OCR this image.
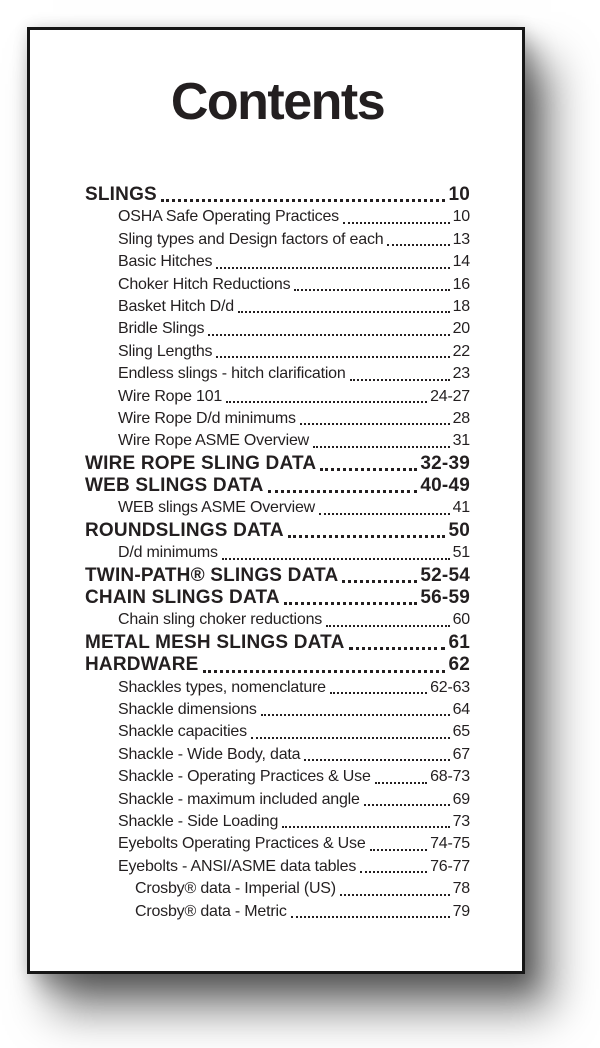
Contents
SLINGS	10
OSHA Safe Operating Practices	10
Sling types and Design factors of each	13
Basic Hitches	14
Choker Hitch Reductions	16
Basket Hitch D/d	18
Bridle Slings	20
Sling Lengths	22
Endless slings - hitch clarification	23
Wire Rope 101	24-27
Wire Rope D/d minimums	28
Wire Rope ASME Overview	31
WIRE ROPE SLING DATA	32-39
WEB SLINGS DATA	40-49
WEB slings ASME Overview	41
ROUNDSLINGS DATA	50
D/d minimums	51
TWIN-PATH® SLINGS DATA	52-54
CHAIN SLINGS DATA	56-59
Chain sling choker reductions	60
METAL MESH SLINGS DATA	61
HARDWARE	62
Shackles types, nomenclature	62-63
Shackle dimensions	64
Shackle capacities	65
Shackle - Wide Body, data	67
Shackle - Operating Practices & Use	68-73
Shackle - maximum included angle	69
Shackle - Side Loading	73
Eyebolts Operating Practices & Use	74-75
Eyebolts - ANSI/ASME data tables	76-77
Crosby® data - Imperial (US)	78
Crosby® data - Metric	79
